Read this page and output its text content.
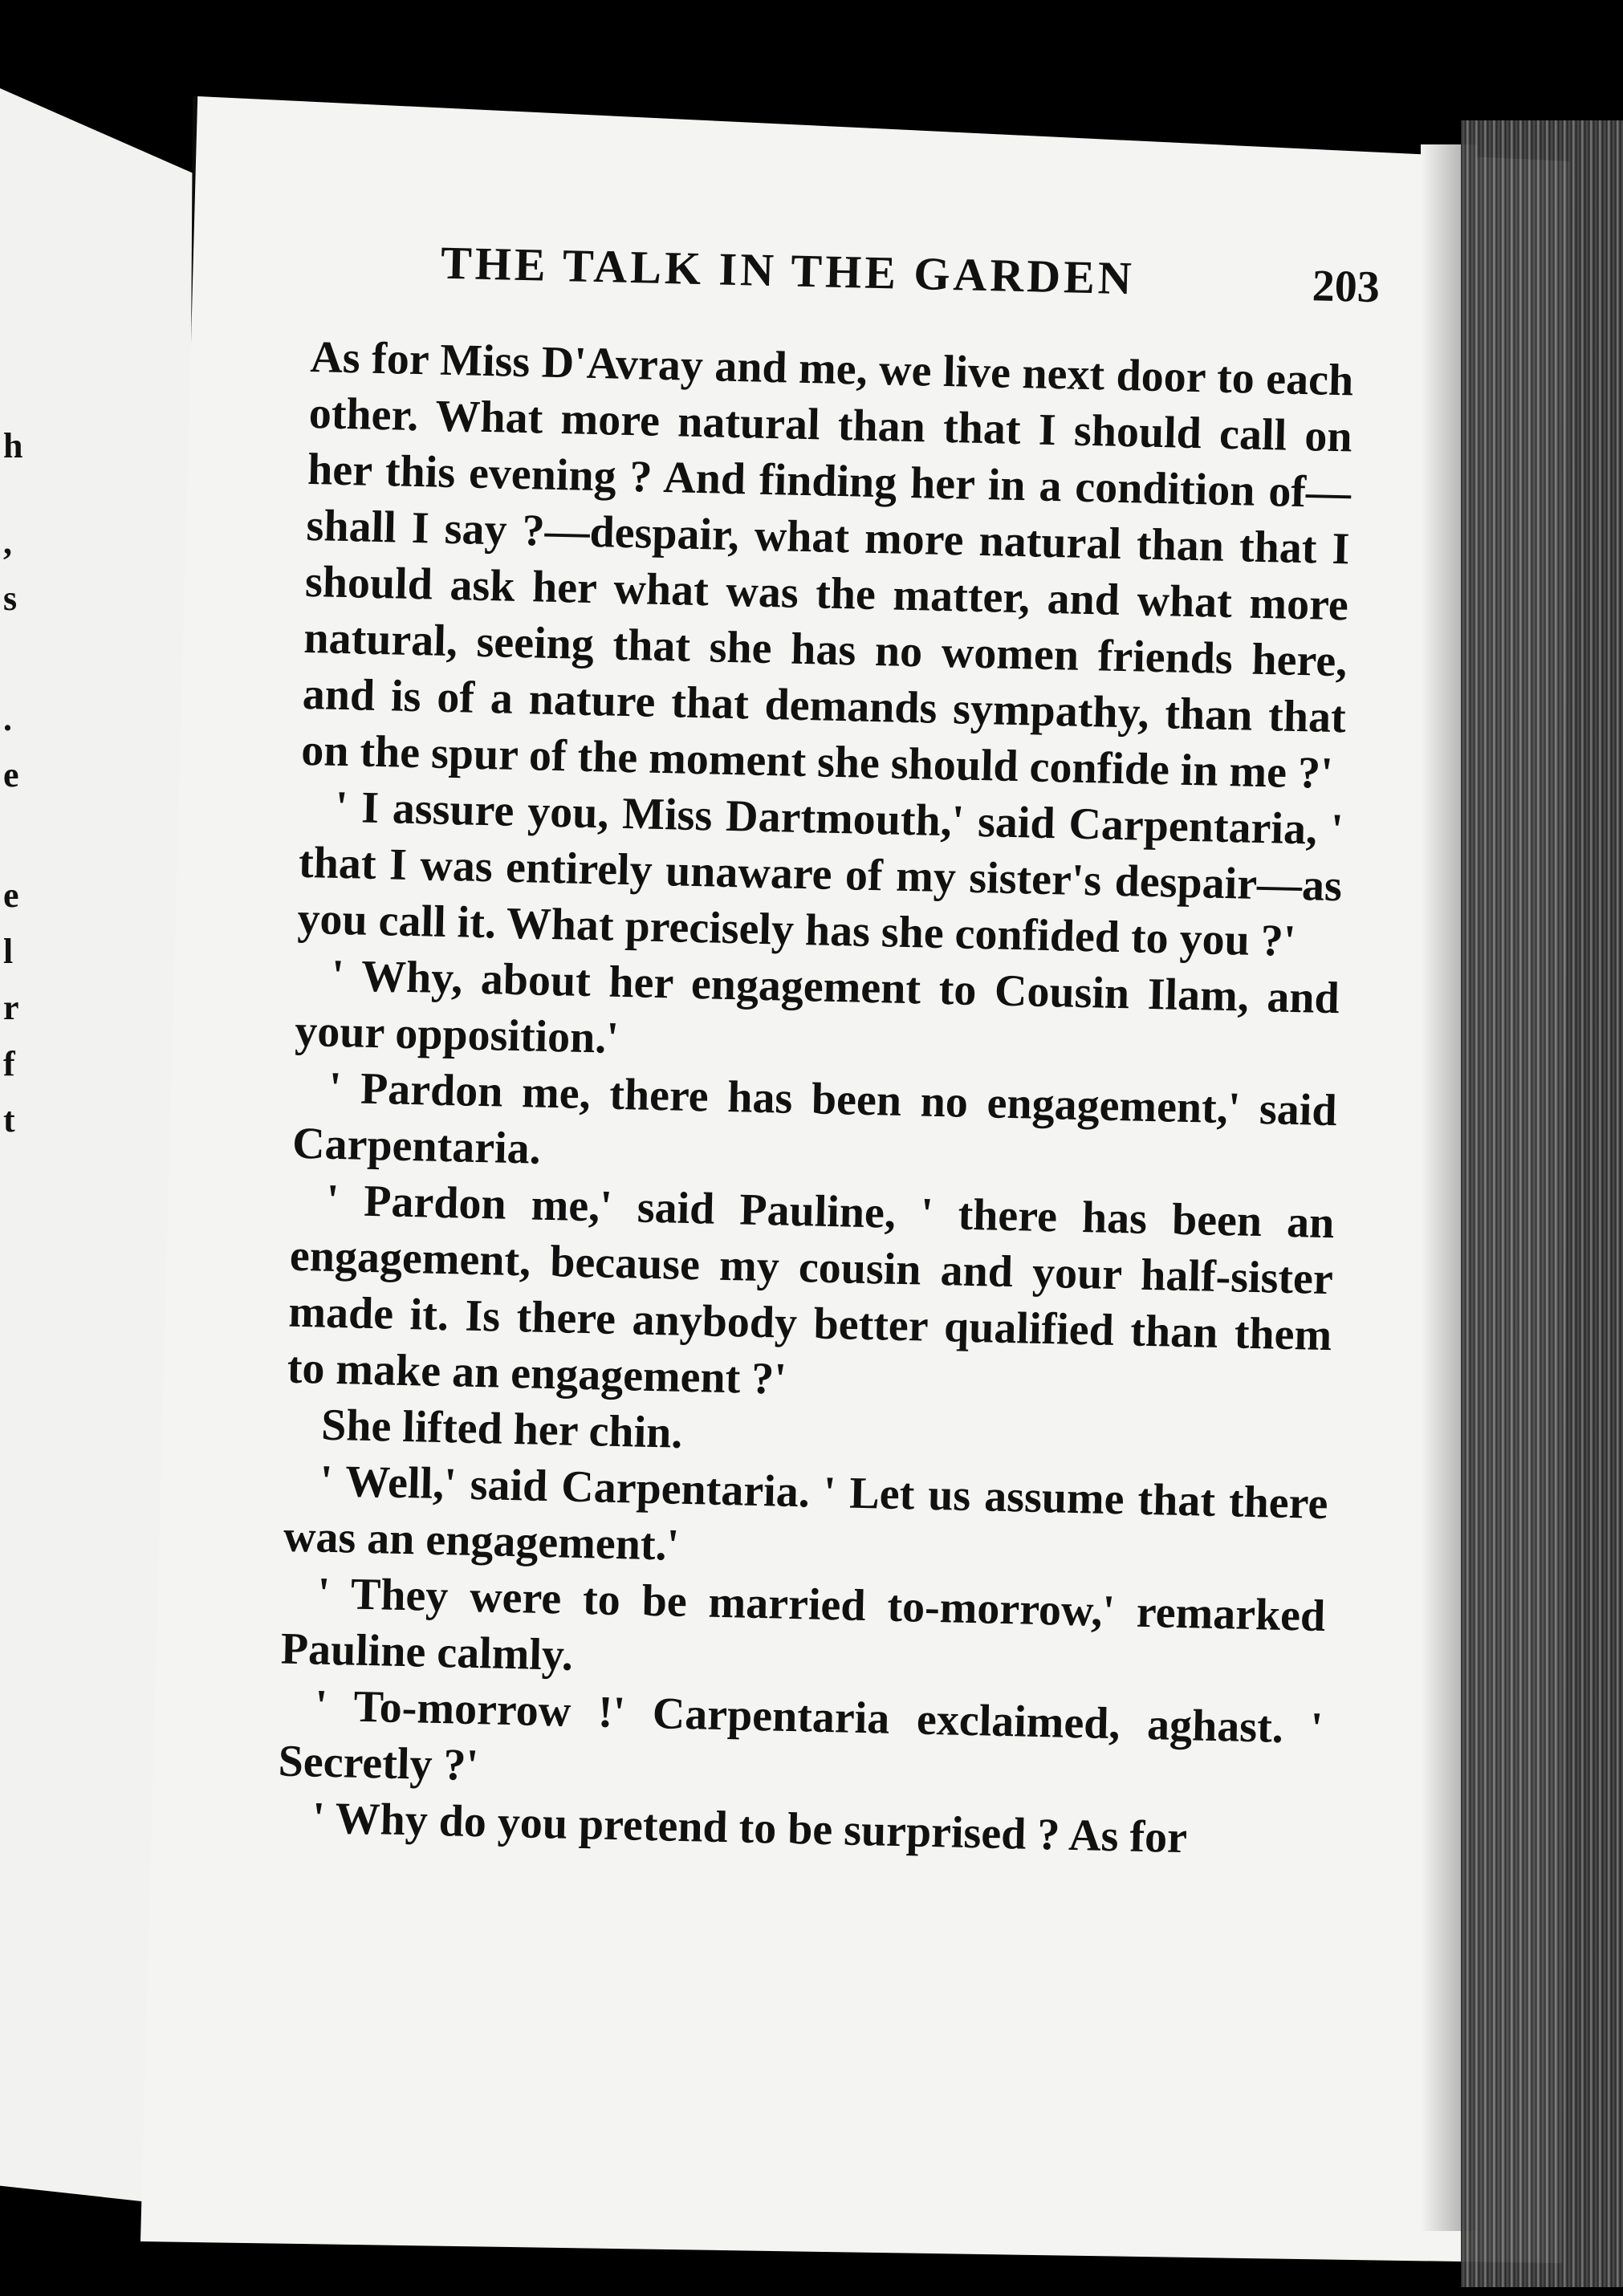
h
,
s
.
e
e
l
r
f
t
THE TALK IN THE GARDEN	203

As for Miss D'Avray and me, we live next door to each other. What more natural than that I should call on her this evening ? And finding her in a condition of—shall I say ?—despair, what more natural than that I should ask her what was the matter, and what more natural, seeing that she has no women friends here, and is of a nature that demands sympathy, than that on the spur of the moment she should confide in me ?'

' I assure you, Miss Dartmouth,' said Carpentaria, ' that I was entirely unaware of my sister's despair—as you call it. What precisely has she confided to you ?'

' Why, about her engagement to Cousin Ilam, and your opposition.'

' Pardon me, there has been no engagement,' said Carpentaria.

' Pardon me,' said Pauline, ' there has been an engagement, because my cousin and your half-sister made it. Is there anybody better qualified than them to make an engagement ?'

She lifted her chin.

' Well,' said Carpentaria. ' Let us assume that there was an engagement.'

' They were to be married to-morrow,' remarked Pauline calmly.

' To-morrow !' Carpentaria exclaimed, aghast. ' Secretly ?'

' Why do you pretend to be surprised ? As for
